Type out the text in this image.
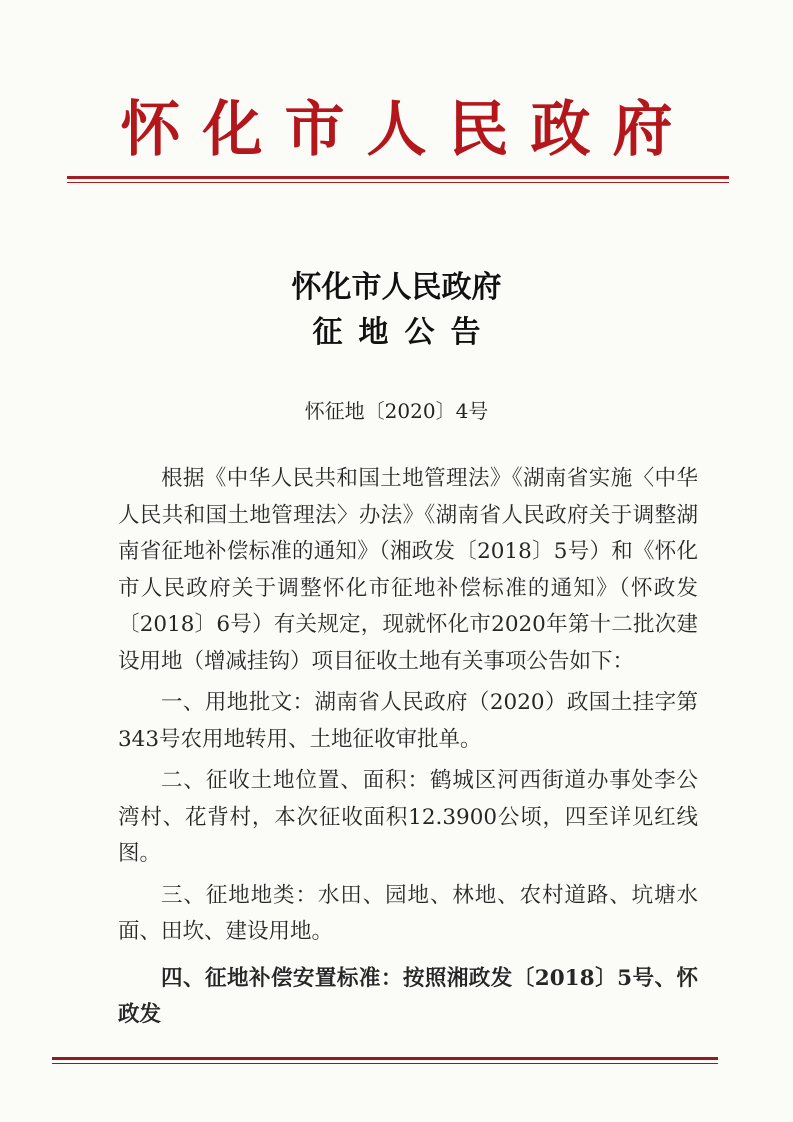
怀化市人民政府
怀化市人民政府
征地公告
怀征地〔2020〕4号

根据《中华人民共和国土地管理法》《湖南省实施〈中华人民共和国土地管理法〉办法》《湖南省人民政府关于调整湖南省征地补偿标准的通知》（湘政发〔2018〕5号）和《怀化市人民政府关于调整怀化市征地补偿标准的通知》（怀政发〔2018〕6号）有关规定，现就怀化市2020年第十二批次建设用地（增减挂钩）项目征收土地有关事项公告如下：

一、用地批文：湖南省人民政府（2020）政国土挂字第343号农用地转用、土地征收审批单。

二、征收土地位置、面积：鹤城区河西街道办事处李公湾村、花背村，本次征收面积12.3900公顷，四至详见红线图。

三、征地地类：水田、园地、林地、农村道路、坑塘水面、田坎、建设用地。

四、征地补偿安置标准：按照湘政发〔2018〕5号、怀政发
